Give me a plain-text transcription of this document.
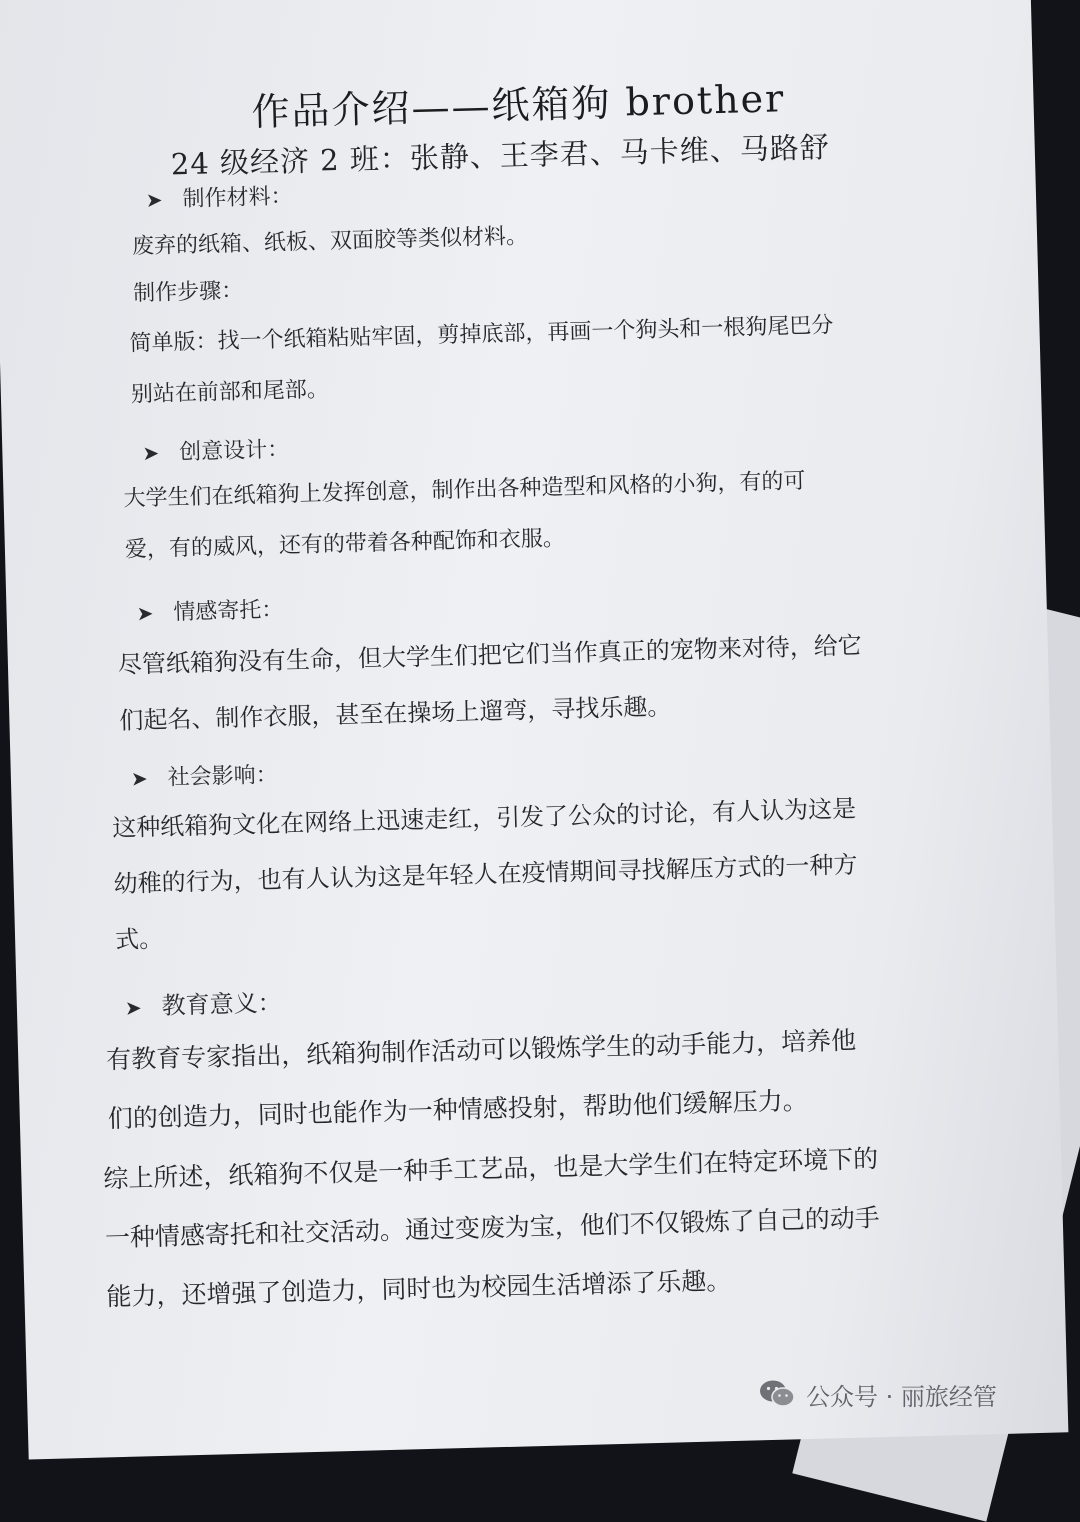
作品介绍——纸箱狗 brother
24 级经济 2 班：张静、王李君、马卡维、马路舒
➤ 制作材料：
废弃的纸箱、纸板、双面胶等类似材料。
制作步骤：
简单版：找一个纸箱粘贴牢固，剪掉底部，再画一个狗头和一根狗尾巴分别站在前部和尾部。
➤ 创意设计：
大学生们在纸箱狗上发挥创意，制作出各种造型和风格的小狗，有的可爱，有的威风，还有的带着各种配饰和衣服。
➤ 情感寄托：
尽管纸箱狗没有生命，但大学生们把它们当作真正的宠物来对待，给它们起名、制作衣服，甚至在操场上遛弯，寻找乐趣。
➤ 社会影响：
这种纸箱狗文化在网络上迅速走红，引发了公众的讨论，有人认为这是幼稚的行为，也有人认为这是年轻人在疫情期间寻找解压方式的一种方式。
➤ 教育意义：
有教育专家指出，纸箱狗制作活动可以锻炼学生的动手能力，培养他们的创造力，同时也能作为一种情感投射，帮助他们缓解压力。
综上所述，纸箱狗不仅是一种手工艺品，也是大学生们在特定环境下的一种情感寄托和社交活动。通过变废为宝，他们不仅锻炼了自己的动手能力，还增强了创造力，同时也为校园生活增添了乐趣。
公众号 · 丽旅经管
